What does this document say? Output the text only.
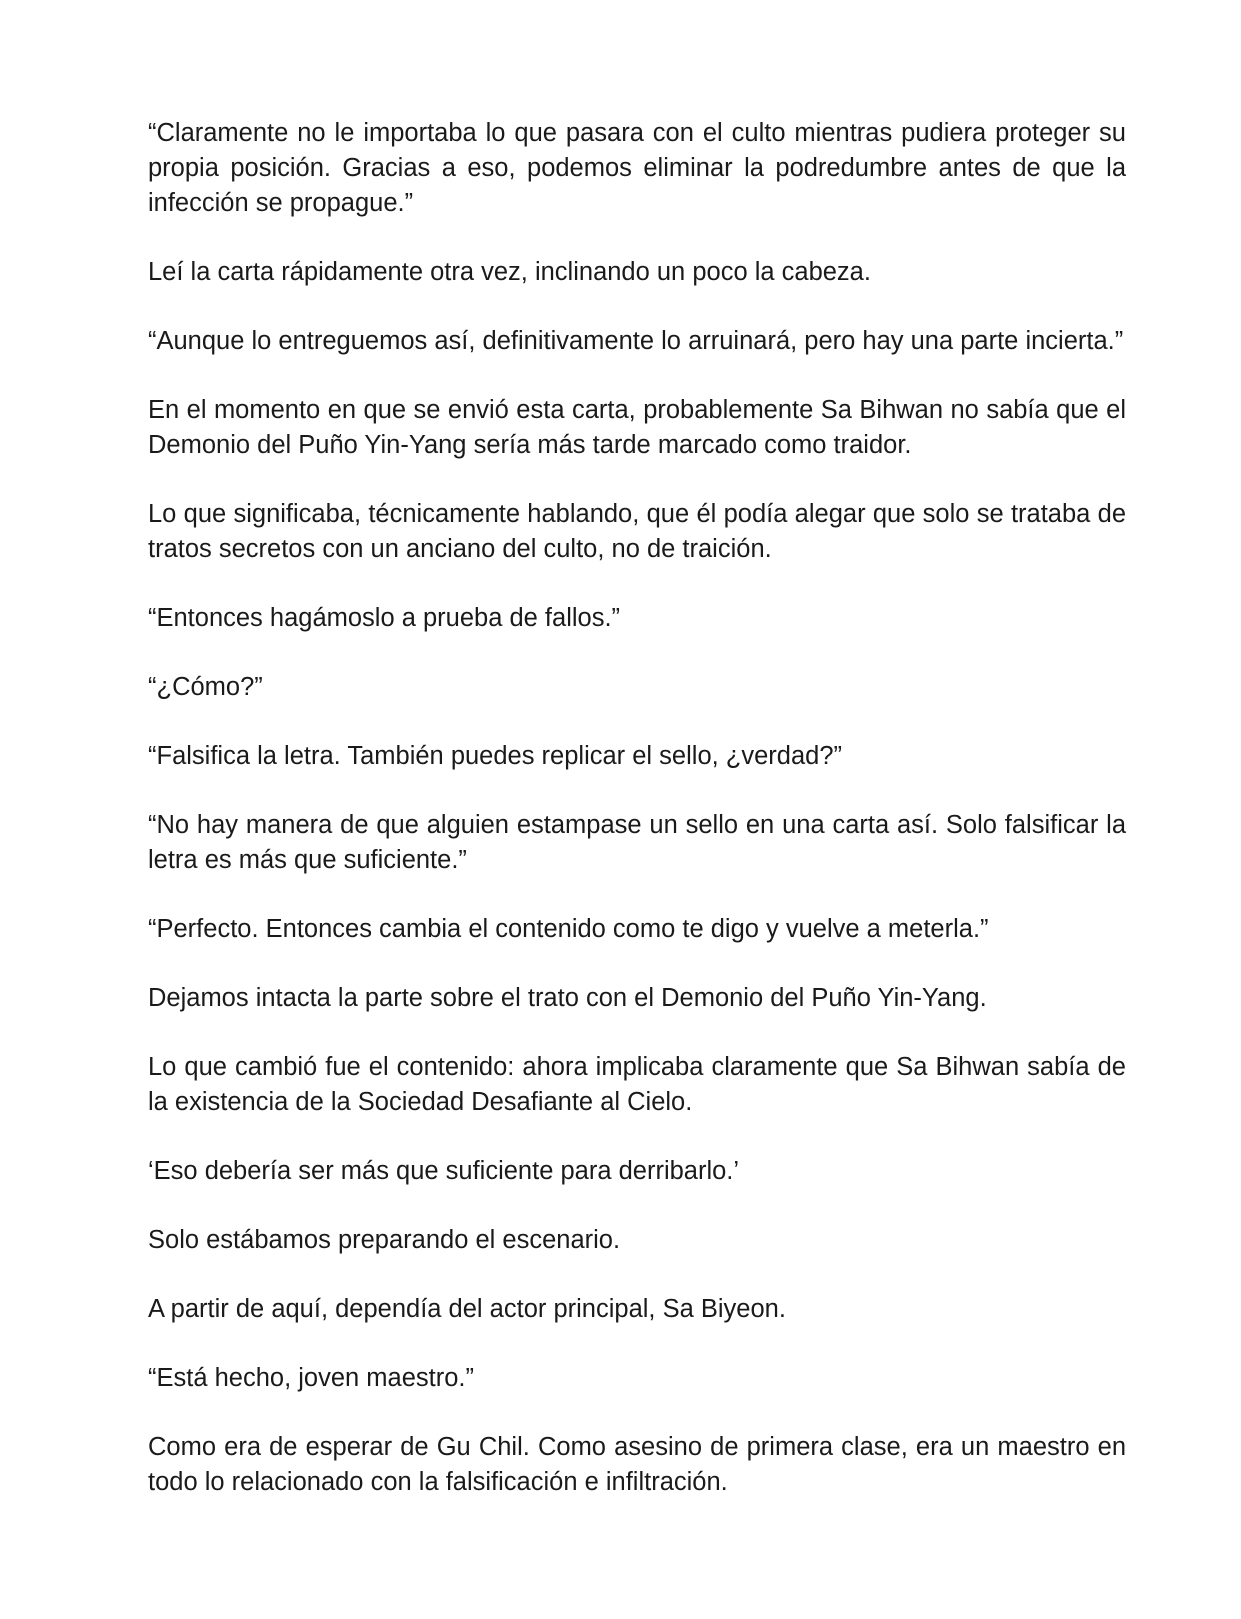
“Claramente no le importaba lo que pasara con el culto mientras pudiera proteger su propia posición. Gracias a eso, podemos eliminar la podredumbre antes de que la infección se propague.”

Leí la carta rápidamente otra vez, inclinando un poco la cabeza.

“Aunque lo entreguemos así, definitivamente lo arruinará, pero hay una parte incierta.”

En el momento en que se envió esta carta, probablemente Sa Bihwan no sabía que el Demonio del Puño Yin-Yang sería más tarde marcado como traidor.

Lo que significaba, técnicamente hablando, que él podía alegar que solo se trataba de tratos secretos con un anciano del culto, no de traición.

“Entonces hagámoslo a prueba de fallos.”

“¿Cómo?”

“Falsifica la letra. También puedes replicar el sello, ¿verdad?”

“No hay manera de que alguien estampase un sello en una carta así. Solo falsificar la letra es más que suficiente.”

“Perfecto. Entonces cambia el contenido como te digo y vuelve a meterla.”

Dejamos intacta la parte sobre el trato con el Demonio del Puño Yin-Yang.

Lo que cambió fue el contenido: ahora implicaba claramente que Sa Bihwan sabía de la existencia de la Sociedad Desafiante al Cielo.

‘Eso debería ser más que suficiente para derribarlo.’

Solo estábamos preparando el escenario.

A partir de aquí, dependía del actor principal, Sa Biyeon.

“Está hecho, joven maestro.”

Como era de esperar de Gu Chil. Como asesino de primera clase, era un maestro en todo lo relacionado con la falsificación e infiltración.
